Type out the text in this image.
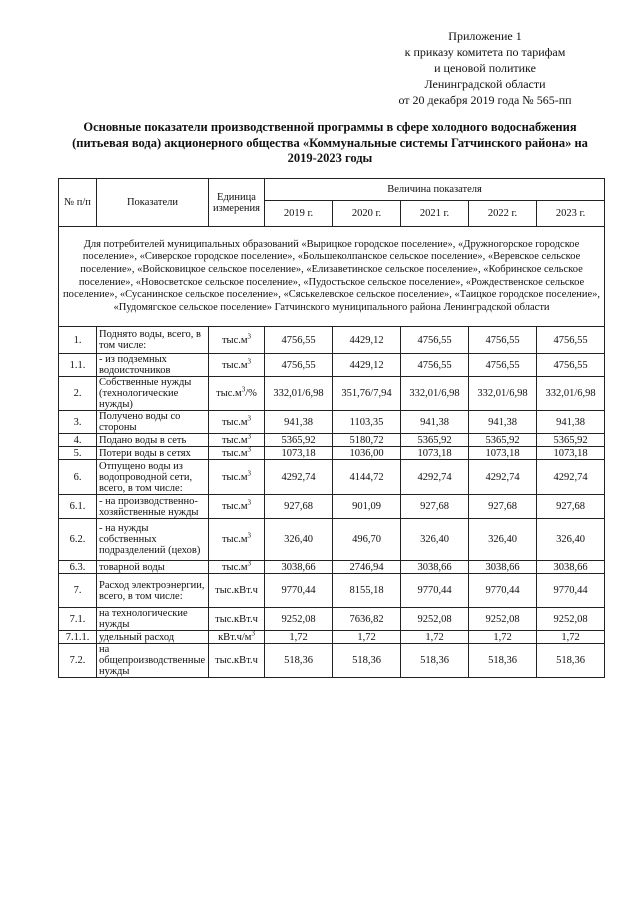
Приложение 1
к приказу комитета по тарифам
и ценовой политике
Ленинградской области
от 20 декабря 2019 года № 565-пп
Основные показатели производственной программы в сфере холодного водоснабжения (питьевая вода) акционерного общества «Коммунальные системы Гатчинского района» на 2019-2023 годы
№ п/п	Показатели	Единица измерения	Величина показателя				
			2019 г.	2020 г.	2021 г.	2022 г.	2023 г.
Для потребителей муниципальных образований «Вырицкое городское поселение», «Дружногорское городское поселение», «Сиверское городское поселение», «Большеколпанское сельское поселение», «Веревское сельское поселение», «Войсковицкое сельское поселение», «Елизаветинское сельское поселение», «Кобринское сельское поселение», «Новосветское сельское поселение», «Пудостьское сельское поселение», «Рождественское сельское поселение», «Сусанинское сельское поселение», «Сяськелевское сельское поселение», «Таицкое городское поселение», «Пудомягское сельское поселение» Гатчинского муниципального района Ленинградской области							
1.	Поднято воды, всего, в том числе:	$тыс.м^3$	4756,55	4429,12	4756,55	4756,55	4756,55
1.1.	- из подземных водоисточников	$тыс.м^3$	4756,55	4429,12	4756,55	4756,55	4756,55
2.	Собственные нужды (технологические нужды)	$тыс.м^3/\%$	332,01/6,98	351,76/7,94	332,01/6,98	332,01/6,98	332,01/6,98
3.	Получено воды со стороны	$тыс.м^3$	941,38	1103,35	941,38	941,38	941,38
4.	Подано воды в сеть	$тыс.м^3$	5365,92	5180,72	5365,92	5365,92	5365,92
5.	Потери воды в сетях	$тыс.м^3$	1073,18	1036,00	1073,18	1073,18	1073,18
6.	Отпущено воды из водопроводной сети, всего, в том числе:	$тыс.м^3$	4292,74	4144,72	4292,74	4292,74	4292,74
6.1.	- на производственно-хозяйственные нужды	$тыс.м^3$	927,68	901,09	927,68	927,68	927,68
6.2.	- на нужды собственных подразделений (цехов)	$тыс.м^3$	326,40	496,70	326,40	326,40	326,40
6.3.	товарной воды	$тыс.м^3$	3038,66	2746,94	3038,66	3038,66	3038,66
7.	Расход электроэнергии, всего, в том числе:	тыс.кВт.ч	9770,44	8155,18	9770,44	9770,44	9770,44
7.1.	на технологические нужды	тыс.кВт.ч	9252,08	7636,82	9252,08	9252,08	9252,08
7.1.1.	удельный расход	$кВт.ч/м^3$	1,72	1,72	1,72	1,72	1,72
7.2.	на общепроизводственные нужды	тыс.кВт.ч	518,36	518,36	518,36	518,36	518,36
